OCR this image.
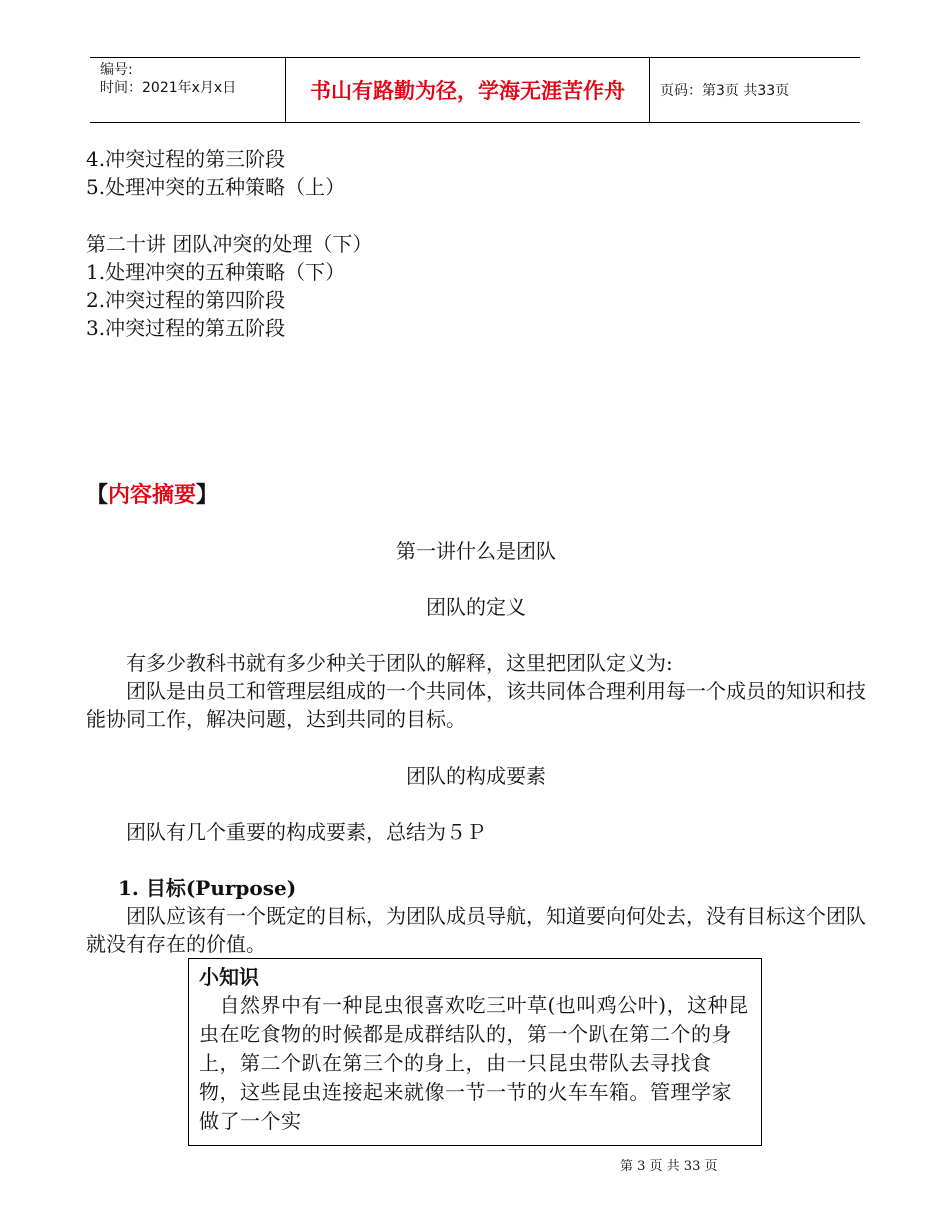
编号:
时间：2021年x月x日	书山有路勤为径，学海无涯苦作舟	页码：第3页 共33页
4.冲突过程的第三阶段
5.处理冲突的五种策略（上）
第二十讲 团队冲突的处理（下）
1.处理冲突的五种策略（下）
2.冲突过程的第四阶段
3.冲突过程的第五阶段
【内容摘要】
第一讲什么是团队
团队的定义
　　有多少教科书就有多少种关于团队的解释，这里把团队定义为:
　　团队是由员工和管理层组成的一个共同体，该共同体合理利用每一个成员的知识和技能协同工作，解决问题，达到共同的目标。
团队的构成要素
　　团队有几个重要的构成要素，总结为５Ｐ
1. 目标(Purpose)
　　团队应该有一个既定的目标，为团队成员导航，知道要向何处去，没有目标这个团队就没有存在的价值。
小知识
　自然界中有一种昆虫很喜欢吃三叶草(也叫鸡公叶)，这种昆虫在吃食物的时候都是成群结队的，第一个趴在第二个的身上，第二个趴在第三个的身上，由一只昆虫带队去寻找食物，这些昆虫连接起来就像一节一节的火车车箱。管理学家做了一个实
第 3 页 共 33 页
